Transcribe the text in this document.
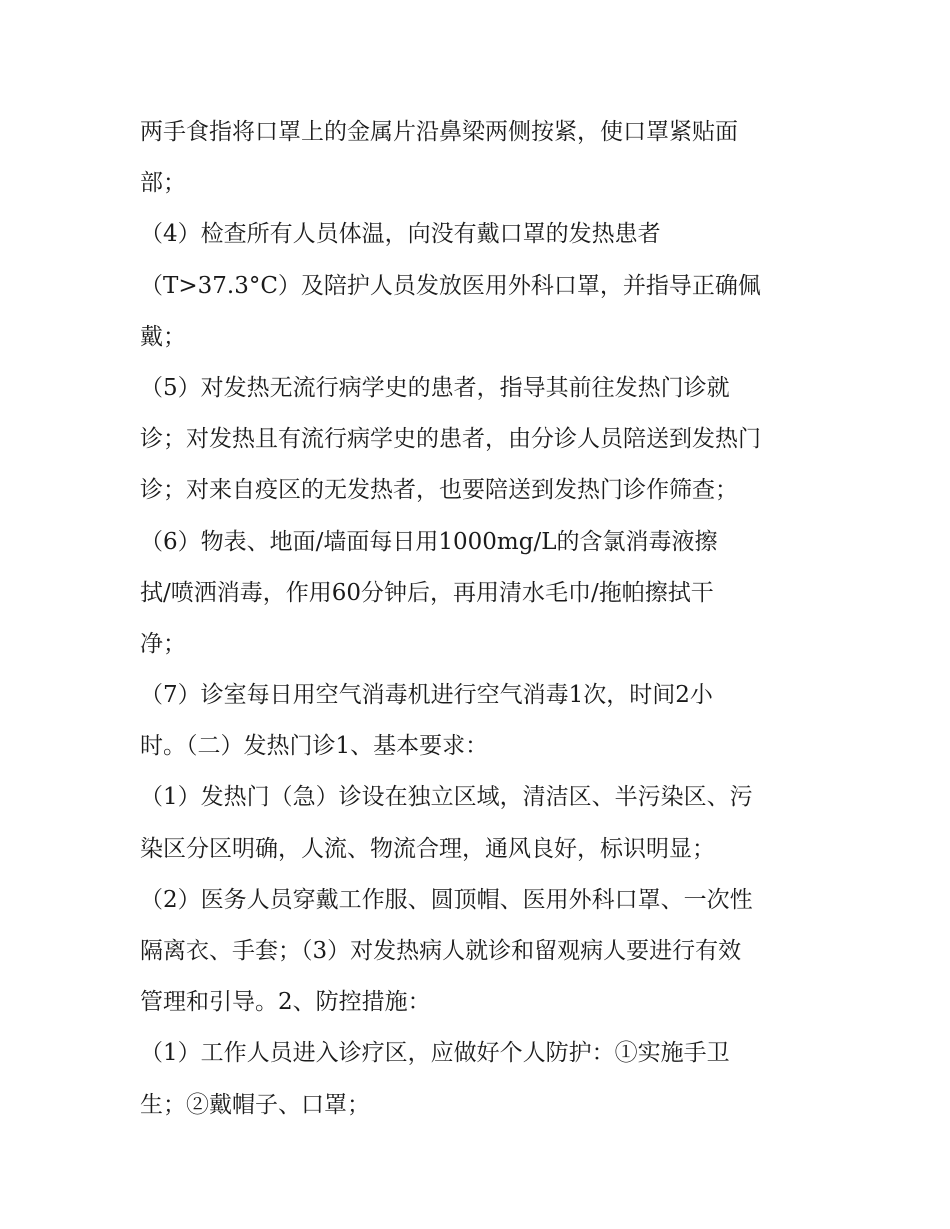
两手食指将口罩上的金属片沿鼻梁两侧按紧，使口罩紧贴面
部；
（4）检查所有人员体温，向没有戴口罩的发热患者
（T>37.3°C）及陪护人员发放医用外科口罩，并指导正确佩
戴；
（5）对发热无流行病学史的患者，指导其前往发热门诊就
诊；对发热且有流行病学史的患者，由分诊人员陪送到发热门
诊；对来自疫区的无发热者，也要陪送到发热门诊作筛查；
（6）物表、地面/墙面每日用1000mg/L的含氯消毒液擦
拭/喷洒消毒，作用60分钟后，再用清水毛巾/拖帕擦拭干
净；
（7）诊室每日用空气消毒机进行空气消毒1次，时间2小
时。（二）发热门诊1、基本要求：
（1）发热门（急）诊设在独立区域，清洁区、半污染区、污
染区分区明确，人流、物流合理，通风良好，标识明显；
（2）医务人员穿戴工作服、圆顶帽、医用外科口罩、一次性
隔离衣、手套；（3）对发热病人就诊和留观病人要进行有效
管理和引导。2、防控措施：
（1）工作人员进入诊疗区，应做好个人防护：①实施手卫
生；②戴帽子、口罩；
